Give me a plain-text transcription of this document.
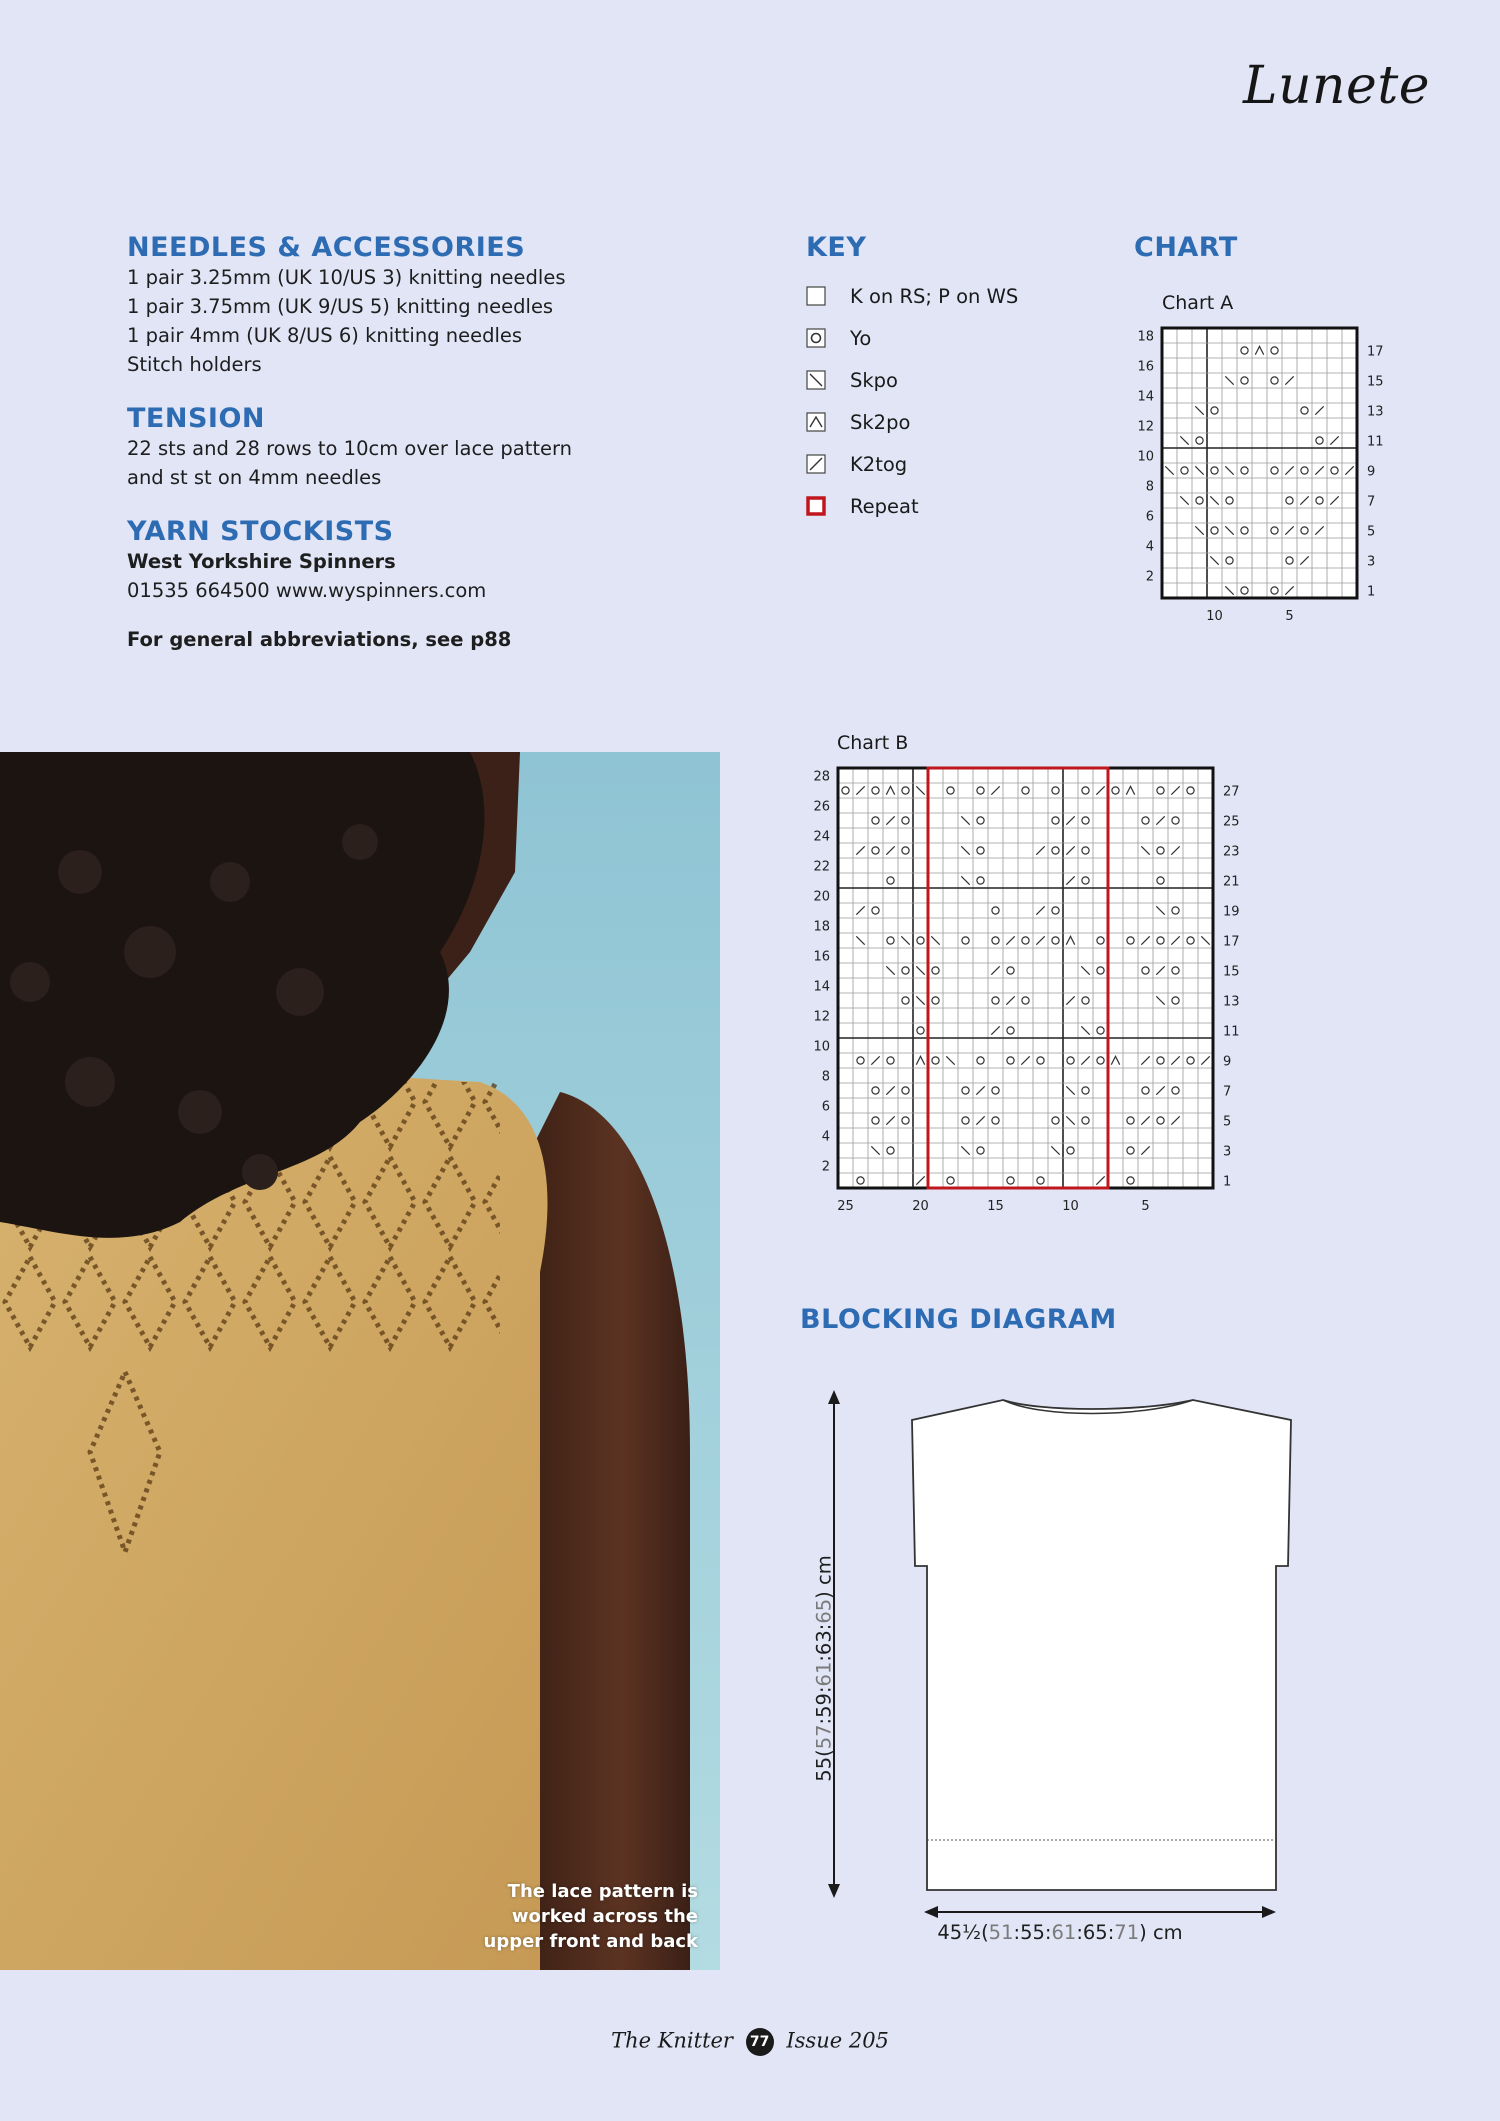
Lunete
NEEDLES & ACCESSORIES
1 pair 3.25mm (UK 10/US 3) knitting needles
1 pair 3.75mm (UK 9/US 5) knitting needles
1 pair 4mm (UK 8/US 6) knitting needles
Stitch holders
TENSION
22 sts and 28 rows to 10cm over lace pattern
and st st on 4mm needles
YARN STOCKISTS
West Yorkshire Spinners
01535 664500 www.wyspinners.com
For general abbreviations, see p88
KEY
K on RS; P on WS
Yo
Skpo
Sk2po
K2tog
Repeat
CHART
Chart A
18
16
14
12
10
8
6
4
2
17
15
13
11
9
7
5
3
1
10	5
Chart B
28
26
24
22
20
18
16
14
12
10
8
6
4
2
27
25
23
21
19
17
15
13
11
9
7
5
3
1
25	20	15	10	5
The lace pattern is
worked across the
upper front and back
BLOCKING DIAGRAM
55(57:59:61:63:65) cm
45½(51:55:61:65:71) cm
The Knitter 77 Issue 205
